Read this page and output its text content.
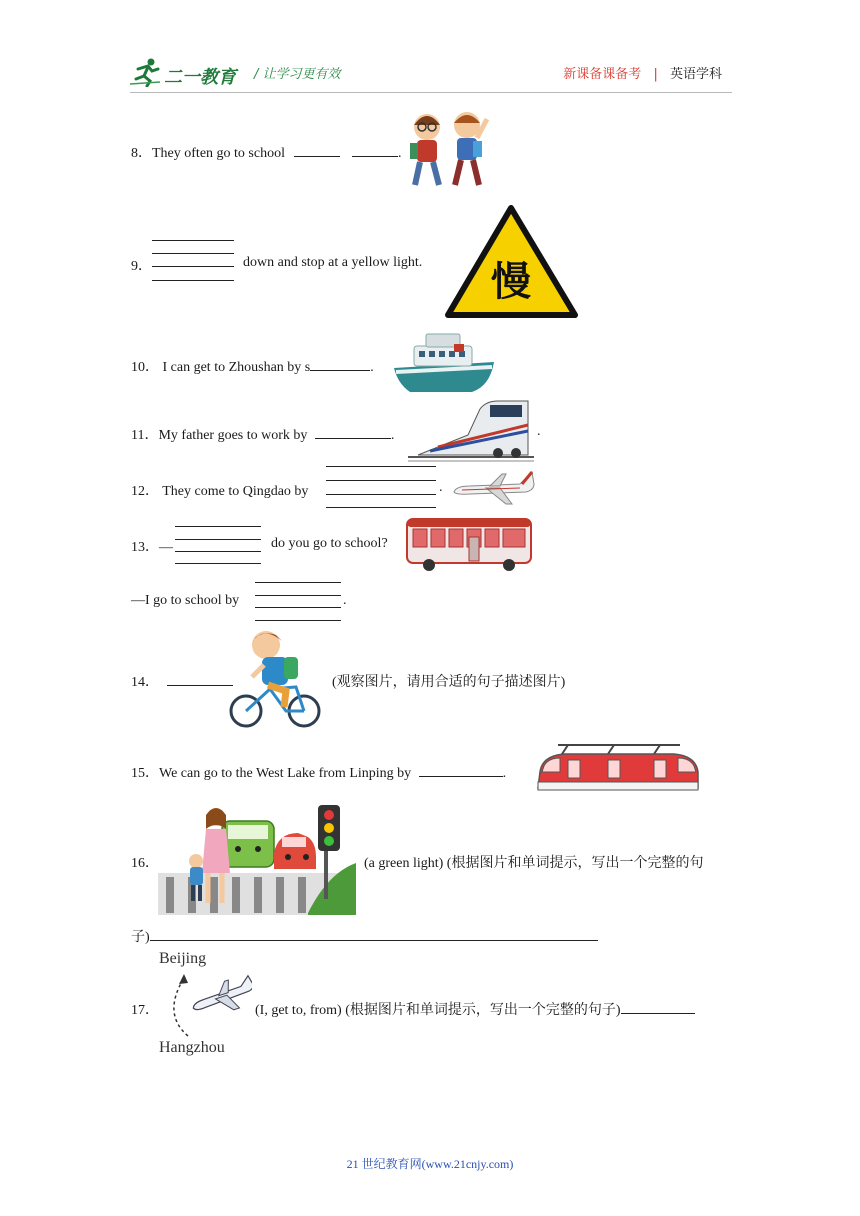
二一教育 / 让学习更有效	新课备课备考 | 英语学科
8．They often go to school	.
9．	down and stop at a yellow light. 慢
10． I can get to Zhoushan by s	.
11．My father goes to work by	.	.
12． They come to Qingdao by	.
13．—	do you go to school?
—I go to school by	.
14．	(观察图片，请用合适的句子描述图片)
15．We can go to the West Lake from Linping by	.
16．	(a green light) (根据图片和单词提示，写出一个完整的句
子)
17．
Beijing
Hangzhou
(I, get to, from) (根据图片和单词提示，写出一个完整的句子)
21 世纪教育网(www.21cnjy.com)
